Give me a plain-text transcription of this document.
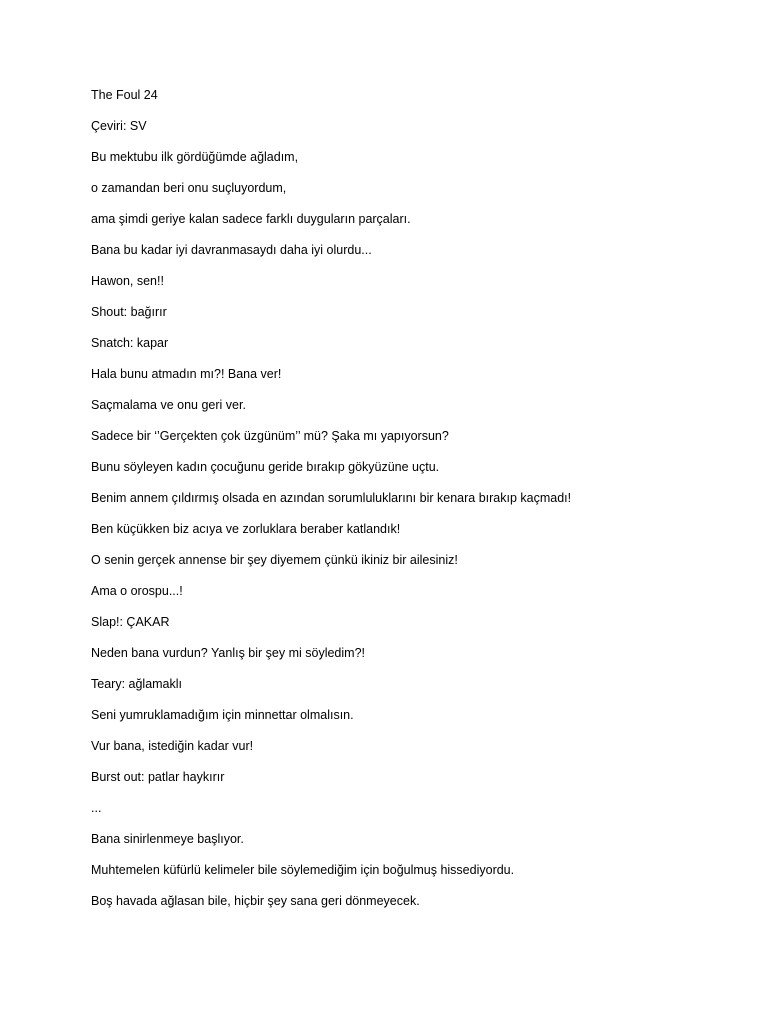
The Foul 24
Çeviri: SV
Bu mektubu ilk gördüğümde ağladım,
o zamandan beri onu suçluyordum,
ama şimdi geriye kalan sadece farklı duyguların parçaları.
Bana bu kadar iyi davranmasaydı daha iyi olurdu...
Hawon, sen!!
Shout: bağırır
Snatch: kapar
Hala bunu atmadın mı?! Bana ver!
Saçmalama ve onu geri ver.
Sadece bir ‘’Gerçekten çok üzgünüm’’ mü? Şaka mı yapıyorsun?
Bunu söyleyen kadın çocuğunu geride bırakıp gökyüzüne uçtu.
Benim annem çıldırmış olsada en azından sorumluluklarını bir kenara bırakıp kaçmadı!
Ben küçükken biz acıya ve zorluklara beraber katlandık!
O senin gerçek annense bir şey diyemem çünkü ikiniz bir ailesiniz!
Ama o orospu...!
Slap!: ÇAKAR
Neden bana vurdun? Yanlış bir şey mi söyledim?!
Teary: ağlamaklı
Seni yumruklamadığım için minnettar olmalısın.
Vur bana, istediğin kadar vur!
Burst out: patlar haykırır
...
Bana sinirlenmeye başlıyor.
Muhtemelen küfürlü kelimeler bile söylemediğim için boğulmuş hissediyordu.
Boş havada ağlasan bile, hiçbir şey sana geri dönmeyecek.
